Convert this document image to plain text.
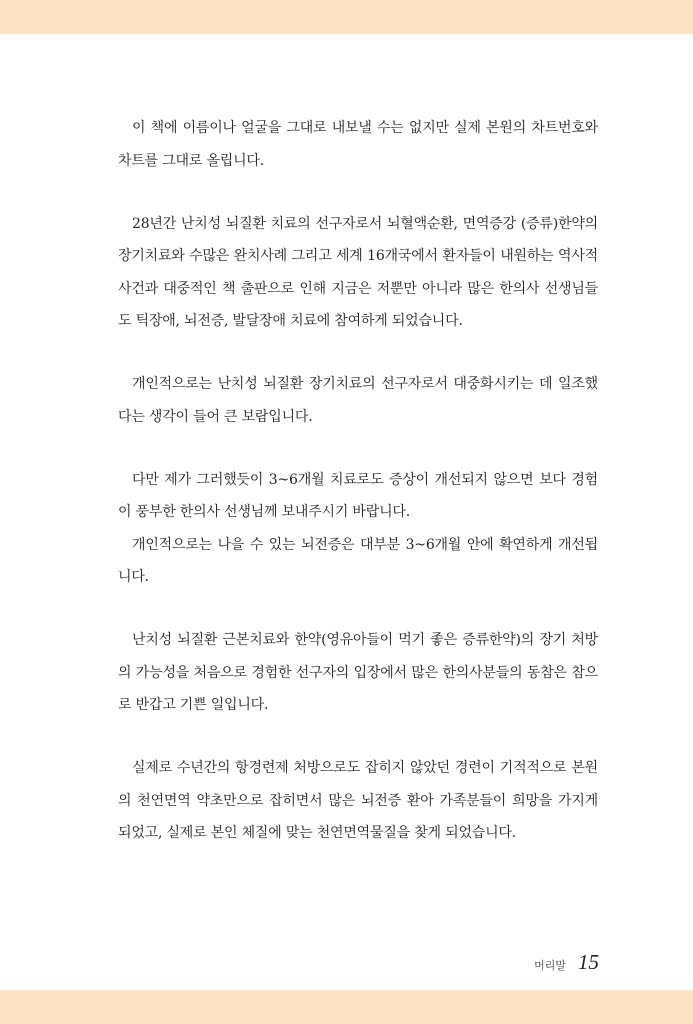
이 책에 이름이나 얼굴을 그대로 내보낼 수는 없지만 실제 본원의 차트번호와 차트를 그대로 올립니다.

28년간 난치성 뇌질환 치료의 선구자로서 뇌혈액순환, 면역증강 (증류)한약의 장기치료와 수많은 완치사례 그리고 세계 16개국에서 환자들이 내원하는 역사적 사건과 대중적인 책 출판으로 인해 지금은 저뿐만 아니라 많은 한의사 선생님들도 틱장애, 뇌전증, 발달장애 치료에 참여하게 되었습니다.

개인적으로는 난치성 뇌질환 장기치료의 선구자로서 대중화시키는 데 일조했다는 생각이 들어 큰 보람입니다.

다만 제가 그러했듯이 3~6개월 치료로도 증상이 개선되지 않으면 보다 경험이 풍부한 한의사 선생님께 보내주시기 바랍니다.

개인적으로는 나을 수 있는 뇌전증은 대부분 3~6개월 안에 확연하게 개선됩니다.

난치성 뇌질환 근본치료와 한약(영유아들이 먹기 좋은 증류한약)의 장기 처방의 가능성을 처음으로 경험한 선구자의 입장에서 많은 한의사분들의 동참은 참으로 반갑고 기쁜 일입니다.

실제로 수년간의 항경련제 처방으로도 잡히지 않았던 경련이 기적적으로 본원의 천연면역 약초만으로 잡히면서 많은 뇌전증 환아 가족분들이 희망을 가지게 되었고, 실제로 본인 체질에 맞는 천연면역물질을 찾게 되었습니다.

머리말 15
